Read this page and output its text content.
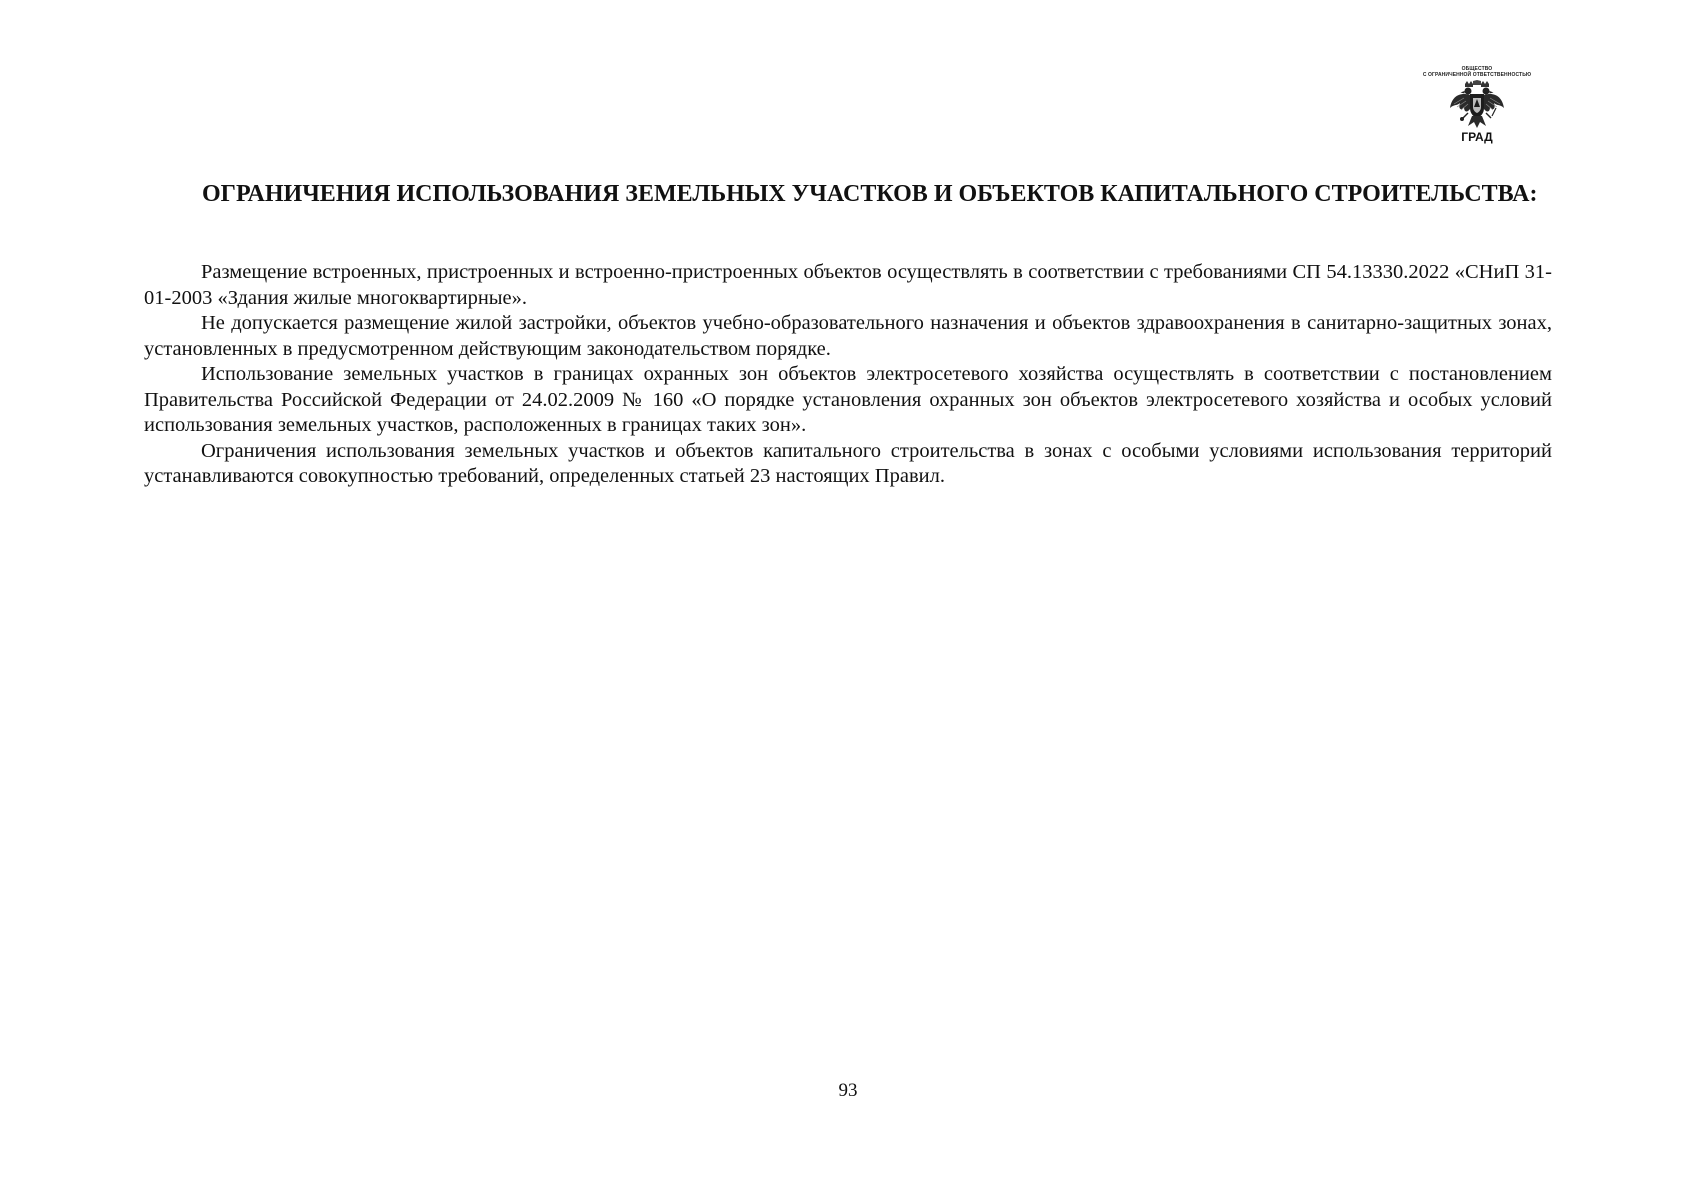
ОБЩЕСТВО
С ОГРАНИЧЕННОЙ ОТВЕТСТВЕННОСТЬЮ
ГРАД
ОГРАНИЧЕНИЯ ИСПОЛЬЗОВАНИЯ ЗЕМЕЛЬНЫХ УЧАСТКОВ И ОБЪЕКТОВ КАПИТАЛЬНОГО СТРОИТЕЛЬСТВА:

Размещение встроенных, пристроенных и встроенно-пристроенных объектов осуществлять в соответствии с требованиями СП 54.13330.2022 «СНиП 31-01-2003 «Здания жилые многоквартирные».

Не допускается размещение жилой застройки, объектов учебно-образовательного назначения и объектов здравоохранения в санитарно-защитных зонах, установленных в предусмотренном действующим законодательством порядке.

Использование земельных участков в границах охранных зон объектов электросетевого хозяйства осуществлять в соответствии с постановлением Правительства Российской Федерации от 24.02.2009 № 160 «О порядке установления охранных зон объектов электросетевого хозяйства и особых условий использования земельных участков, расположенных в границах таких зон».

Ограничения использования земельных участков и объектов капитального строительства в зонах с особыми условиями использования территорий устанавливаются совокупностью требований, определенных статьей 23 настоящих Правил.

93
